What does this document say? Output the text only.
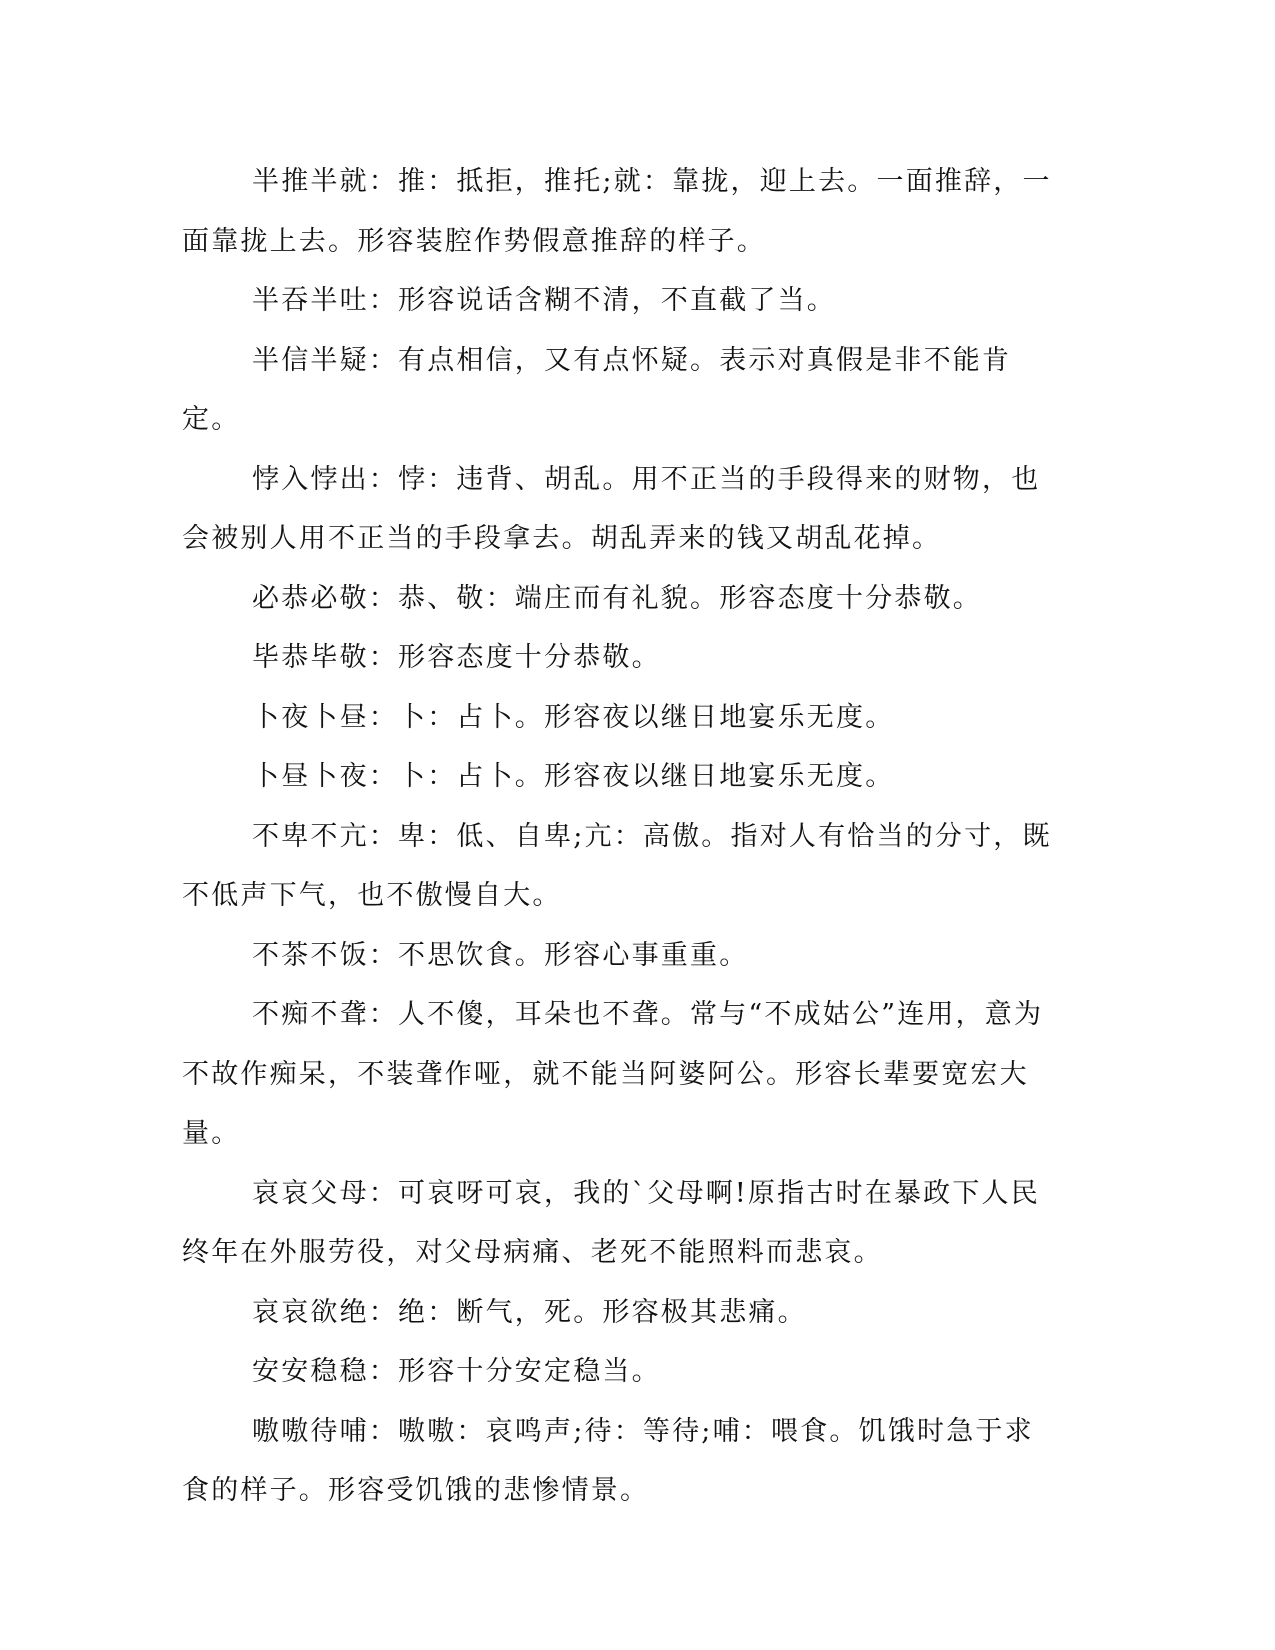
半推半就：推：抵拒，推托;就：靠拢，迎上去。一面推辞，一面靠拢上去。形容装腔作势假意推辞的样子。

半吞半吐：形容说话含糊不清，不直截了当。

半信半疑：有点相信，又有点怀疑。表示对真假是非不能肯定。

悖入悖出：悖：违背、胡乱。用不正当的手段得来的财物，也会被别人用不正当的手段拿去。胡乱弄来的钱又胡乱花掉。

必恭必敬：恭、敬：端庄而有礼貌。形容态度十分恭敬。

毕恭毕敬：形容态度十分恭敬。

卜夜卜昼：卜：占卜。形容夜以继日地宴乐无度。

卜昼卜夜：卜：占卜。形容夜以继日地宴乐无度。

不卑不亢：卑：低、自卑;亢：高傲。指对人有恰当的分寸，既不低声下气，也不傲慢自大。

不茶不饭：不思饮食。形容心事重重。

不痴不聋：人不傻，耳朵也不聋。常与“不成姑公”连用，意为不故作痴呆，不装聋作哑，就不能当阿婆阿公。形容长辈要宽宏大量。

哀哀父母：可哀呀可哀，我的`父母啊!原指古时在暴政下人民终年在外服劳役，对父母病痛、老死不能照料而悲哀。

哀哀欲绝：绝：断气，死。形容极其悲痛。

安安稳稳：形容十分安定稳当。

嗷嗷待哺：嗷嗷：哀鸣声;待：等待;哺：喂食。饥饿时急于求食的样子。形容受饥饿的悲惨情景。
